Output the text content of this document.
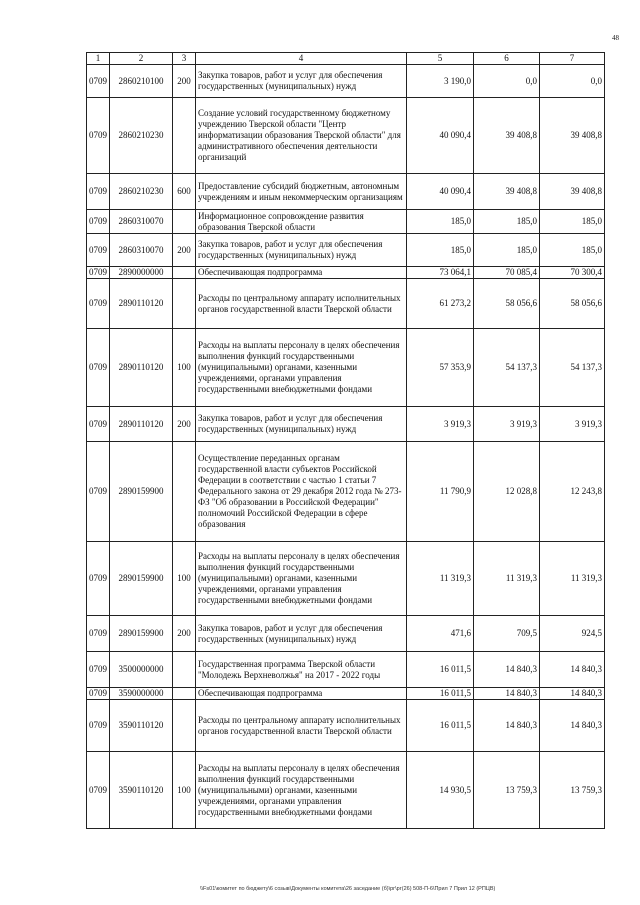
48
1	2	3	4	5	6	7
0709	2860210100	200	Закупка товаров, работ и услуг для обеспечения государственных (муниципальных) нужд	3 190,0	0,0	0,0
0709	2860210230		Создание условий государственному бюджетному учреждению Тверской области "Центр информатизации образования Тверской области" для административного обеспечения деятельности организаций	40 090,4	39 408,8	39 408,8
0709	2860210230	600	Предоставление субсидий бюджетным, автономным учреждениям и иным некоммерческим организациям	40 090,4	39 408,8	39 408,8
0709	2860310070		Информационное сопровождение развития образования Тверской области	185,0	185,0	185,0
0709	2860310070	200	Закупка товаров, работ и услуг для обеспечения государственных (муниципальных) нужд	185,0	185,0	185,0
0709	2890000000		Обеспечивающая подпрограмма	73 064,1	70 085,4	70 300,4
0709	2890110120		Расходы по центральному аппарату исполнительных органов государственной власти Тверской области	61 273,2	58 056,6	58 056,6
0709	2890110120	100	Расходы на выплаты персоналу в целях обеспечения выполнения функций государственными (муниципальными) органами, казенными учреждениями, органами управления государственными внебюджетными фондами	57 353,9	54 137,3	54 137,3
0709	2890110120	200	Закупка товаров, работ и услуг для обеспечения государственных (муниципальных) нужд	3 919,3	3 919,3	3 919,3
0709	2890159900		Осуществление переданных органам государственной власти субъектов Российской Федерации в соответствии с частью 1 статьи 7 Федерального закона от 29 декабря 2012 года № 273-ФЗ "Об образовании в Российской Федерации" полномочий Российской Федерации в сфере образования	11 790,9	12 028,8	12 243,8
0709	2890159900	100	Расходы на выплаты персоналу в целях обеспечения выполнения функций государственными (муниципальными) органами, казенными учреждениями, органами управления государственными внебюджетными фондами	11 319,3	11 319,3	11 319,3
0709	2890159900	200	Закупка товаров, работ и услуг для обеспечения государственных (муниципальных) нужд	471,6	709,5	924,5
0709	3500000000		Государственная программа Тверской области "Молодежь Верхневолжья" на 2017 - 2022 годы	16 011,5	14 840,3	14 840,3
0709	3590000000		Обеспечивающая подпрограмма	16 011,5	14 840,3	14 840,3
0709	3590110120		Расходы по центральному аппарату исполнительных органов государственной власти Тверской области	16 011,5	14 840,3	14 840,3
0709	3590110120	100	Расходы на выплаты персоналу в целях обеспечения выполнения функций государственными (муниципальными) органами, казенными учреждениями, органами управления государственными внебюджетными фондами	14 930,5	13 759,3	13 759,3
\\Fs01\комитет по бюджету\6 созыв\Документы комитета\26 заседание (б)\рг\рг(26) 508-П-6\Прил 7 Прил 12 (РПЦВ)
